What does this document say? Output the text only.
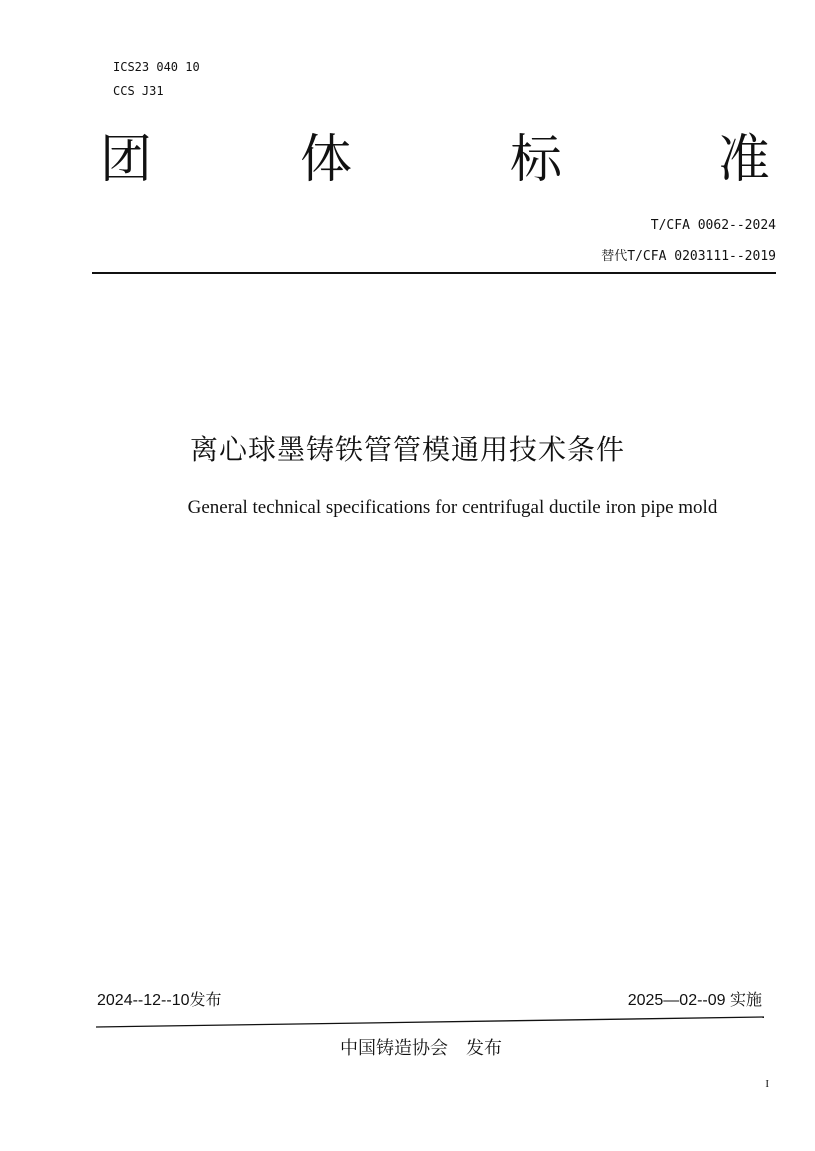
ICS23 040 10
CCS J31
团	体	标	准
T/CFA 0062--2024
替代T/CFA 0203111--2019
离心球墨铸铁管管模通用技术条件
General technical specifications for centrifugal ductile iron pipe mold
2024--12--10发布	2025—02--09 实施
中国铸造协会　发布
I
